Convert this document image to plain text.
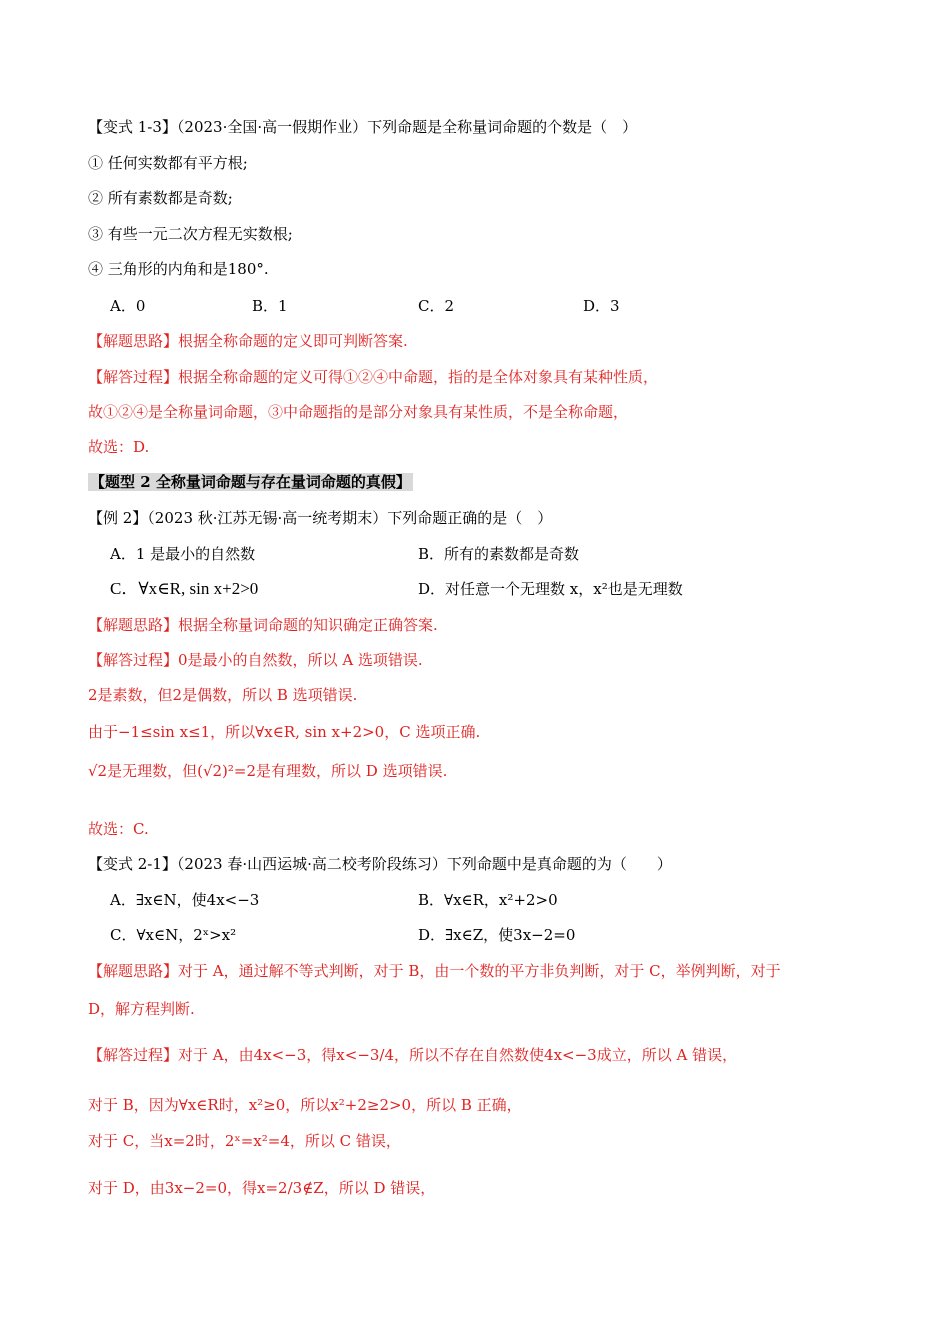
【变式 1-3】（2023·全国·高一假期作业）下列命题是全称量词命题的个数是（　）
① 任何实数都有平方根;
② 所有素数都是奇数;
③ 有些一元二次方程无实数根;
④ 三角形的内角和是180°.
A．0	B．1	C．2	D．3
【解题思路】根据全称命题的定义即可判断答案.
【解答过程】根据全称命题的定义可得①②④中命题，指的是全体对象具有某种性质，
故①②④是全称量词命题，③中命题指的是部分对象具有某性质，不是全称命题，
故选：D.
【题型 2 全称量词命题与存在量词命题的真假】
【例 2】（2023 秋·江苏无锡·高一统考期末）下列命题正确的是（　）
A．1 是最小的自然数	B．所有的素数都是奇数
C．∀x∈R, sin x+2>0	D．对任意一个无理数 x，x²也是无理数
【解题思路】根据全称量词命题的知识确定正确答案.
【解答过程】0是最小的自然数，所以 A 选项错误.
2是素数，但2是偶数，所以 B 选项错误.
由于−1≤sin x≤1，所以∀x∈R, sin x+2>0，C 选项正确.
√2是无理数，但(√2)²=2是有理数，所以 D 选项错误.
故选：C.
【变式 2-1】（2023 春·山西运城·高二校考阶段练习）下列命题中是真命题的为（　　）
A．∃x∈N，使4x<−3	B．∀x∈R，x²+2>0
C．∀x∈N，2ˣ>x²	D．∃x∈Z，使3x−2=0
【解题思路】对于 A，通过解不等式判断，对于 B，由一个数的平方非负判断，对于 C，举例判断，对于
D，解方程判断.
【解答过程】对于 A，由4x<−3，得x<−3/4，所以不存在自然数使4x<−3成立，所以 A 错误，
对于 B，因为∀x∈R时，x²≥0，所以x²+2≥2>0，所以 B 正确，
对于 C，当x=2时，2ˣ=x²=4，所以 C 错误，
对于 D，由3x−2=0，得x=2/3∉Z，所以 D 错误，
